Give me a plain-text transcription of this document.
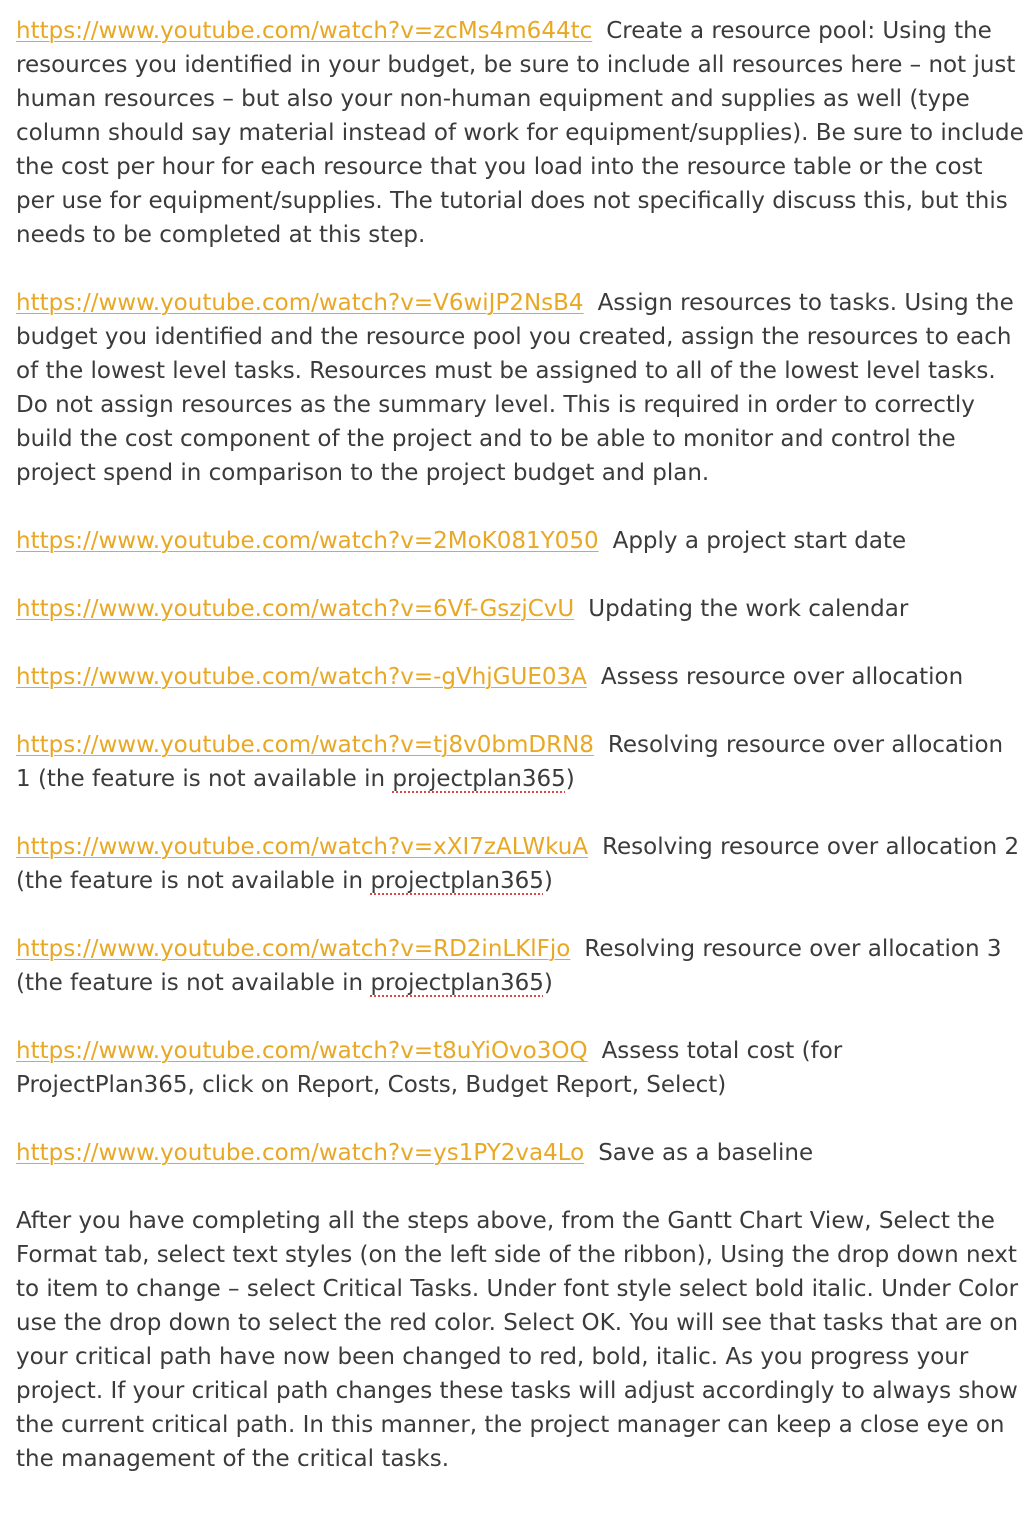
https://www.youtube.com/watch?v=zcMs4m644tc Create a resource pool: Using the resources you identified in your budget, be sure to include all resources here – not just human resources – but also your non-human equipment and supplies as well (type column should say material instead of work for equipment/supplies). Be sure to include the cost per hour for each resource that you load into the resource table or the cost per use for equipment/supplies. The tutorial does not specifically discuss this, but this needs to be completed at this step.

https://www.youtube.com/watch?v=V6wiJP2NsB4 Assign resources to tasks. Using the budget you identified and the resource pool you created, assign the resources to each of the lowest level tasks. Resources must be assigned to all of the lowest level tasks. Do not assign resources as the summary level. This is required in order to correctly build the cost component of the project and to be able to monitor and control the project spend in comparison to the project budget and plan.

https://www.youtube.com/watch?v=2MoK081Y050 Apply a project start date

https://www.youtube.com/watch?v=6Vf-GszjCvU Updating the work calendar

https://www.youtube.com/watch?v=-gVhjGUE03A Assess resource over allocation

https://www.youtube.com/watch?v=tj8v0bmDRN8 Resolving resource over allocation 1 (the feature is not available in projectplan365)

https://www.youtube.com/watch?v=xXI7zALWkuA Resolving resource over allocation 2 (the feature is not available in projectplan365)

https://www.youtube.com/watch?v=RD2inLKlFjo Resolving resource over allocation 3 (the feature is not available in projectplan365)

https://www.youtube.com/watch?v=t8uYiOvo3OQ Assess total cost (for ProjectPlan365, click on Report, Costs, Budget Report, Select)

https://www.youtube.com/watch?v=ys1PY2va4Lo Save as a baseline

After you have completing all the steps above, from the Gantt Chart View, Select the Format tab, select text styles (on the left side of the ribbon), Using the drop down next to item to change – select Critical Tasks. Under font style select bold italic. Under Color use the drop down to select the red color. Select OK. You will see that tasks that are on your critical path have now been changed to red, bold, italic. As you progress your project. If your critical path changes these tasks will adjust accordingly to always show the current critical path. In this manner, the project manager can keep a close eye on the management of the critical tasks.
